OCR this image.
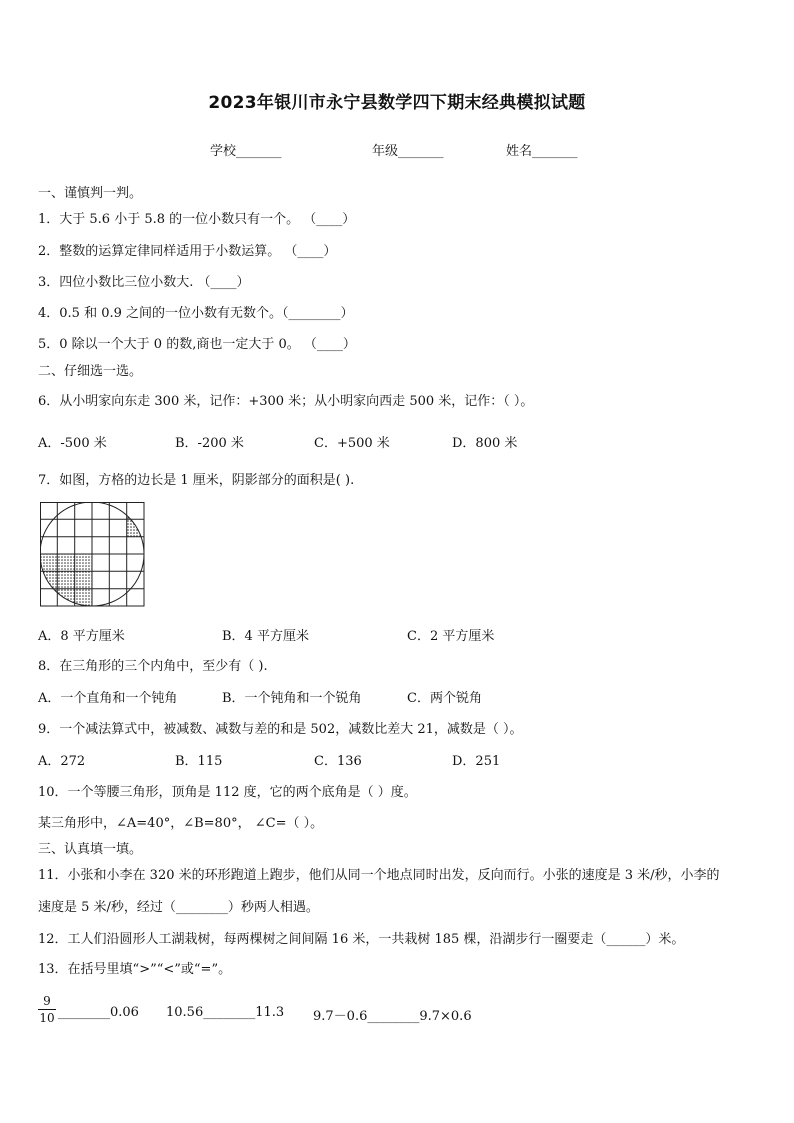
2023年银川市永宁县数学四下期末经典模拟试题
学校_______	年级_______	姓名_______
一、谨慎判一判。
1．大于 5.6 小于 5.8 的一位小数只有一个。 （____）
2．整数的运算定律同样适用于小数运算。 （____）
3．四位小数比三位小数大. （____）
4．0.5 和 0.9 之间的一位小数有无数个。（________）
5．0 除以一个大于 0 的数,商也一定大于 0。 （____）
二、仔细选一选。
6．从小明家向东走 300 米，记作：+300 米；从小明家向西走 500 米，记作：（ ）。
A．-500 米	B．-200 米	C．+500 米	D．800 米
7．如图，方格的边长是 1 厘米，阴影部分的面积是( ).
A．8 平方厘米	B．4 平方厘米	C．2 平方厘米
8．在三角形的三个内角中，至少有（ ).
A．一个直角和一个钝角	B．一个钝角和一个锐角	C．两个锐角
9．一个减法算式中，被减数、减数与差的和是 502，减数比差大 21，减数是（ ）。
A．272	B．115	C．136	D．251
10．一个等腰三角形，顶角是 112 度，它的两个底角是（ ）度。
某三角形中，∠A=40°，∠B=80°， ∠C=（ ）。
三、认真填一填。
11．小张和小李在 320 米的环形跑道上跑步，他们从同一个地点同时出发，反向而行。小张的速度是 3 米/秒，小李的
速度是 5 米/秒，经过（________）秒两人相遇。
12．工人们沿圆形人工湖栽树，每两棵树之间间隔 16 米，一共栽树 185 棵，沿湖步行一圈要走（______）米。
13．在括号里填“>”“<”或“=”。
$\frac{9}{10}$ ________0.06 10.56________11.3 9.7－0.6________9.7×0.6
